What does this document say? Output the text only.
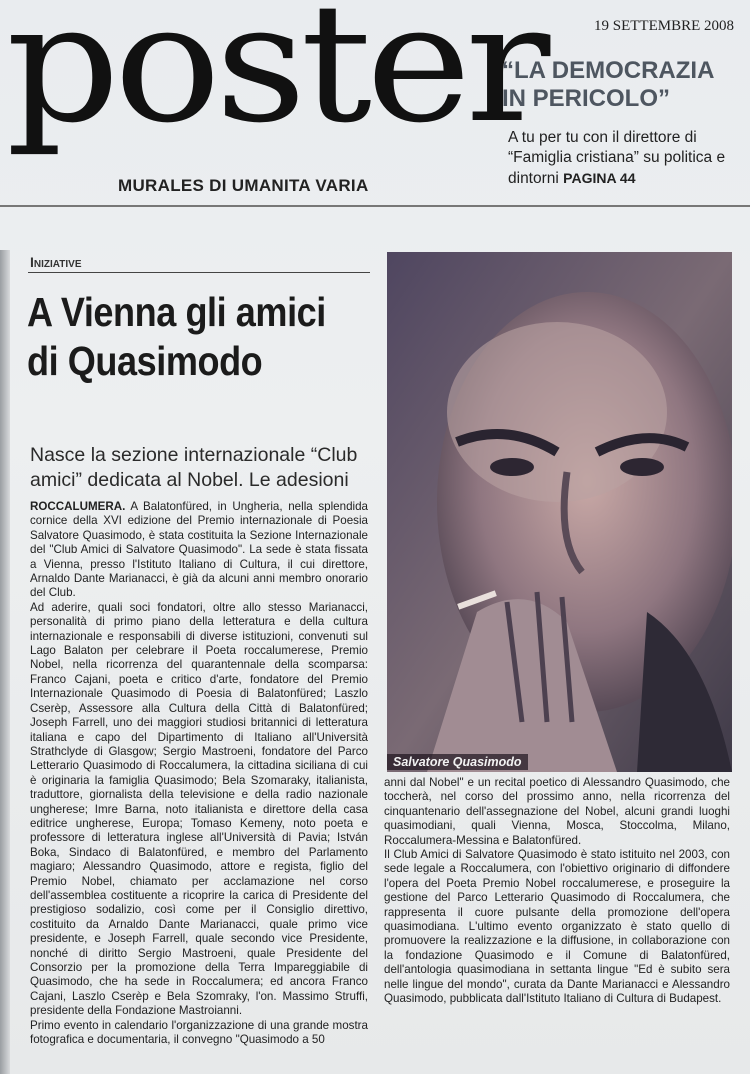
poster
MURALES DI UMANITA VARIA
19 SETTEMBRE 2008
“LA DEMOCRAZIA IN PERICOLO”
A tu per tu con il direttore di “Famiglia cristiana” su politica e dintorni PAGINA 44
Iniziative
A Vienna gli amici di Quasimodo
Nasce la sezione internazionale “Club amici” dedicata al Nobel. Le adesioni

ROCCALUMERA. A Balatonfüred, in Ungheria, nella splendida cornice della XVI edizione del Premio internazionale di Poesia Salvatore Quasimodo, è stata costituita la Sezione Internazionale del "Club Amici di Salvatore Quasimodo". La sede è stata fissata a Vienna, presso l'Istituto Italiano di Cultura, il cui direttore, Arnaldo Dante Marianacci, è già da alcuni anni membro onorario del Club.

Ad aderire, quali soci fondatori, oltre allo stesso Marianacci, personalità di primo piano della letteratura e della cultura internazionale e responsabili di diverse istituzioni, convenuti sul Lago Balaton per celebrare il Poeta roccalumerese, Premio Nobel, nella ricorrenza del quarantennale della scomparsa: Franco Cajani, poeta e critico d'arte, fondatore del Premio Internazionale Quasimodo di Poesia di Balatonfüred; Laszlo Cserèp, Assessore alla Cultura della Città di Balatonfüred; Joseph Farrell, uno dei maggiori studiosi britannici di letteratura italiana e capo del Dipartimento di Italiano all'Università Strathclyde di Glasgow; Sergio Mastroeni, fondatore del Parco Letterario Quasimodo di Roccalumera, la cittadina siciliana di cui è originaria la famiglia Quasimodo; Bela Szomaraky, italianista, traduttore, giornalista della televisione e della radio nazionale ungherese; Imre Barna, noto italianista e direttore della casa editrice ungherese, Europa; Tomaso Kemeny, noto poeta e professore di letteratura inglese all'Università di Pavia; István Boka, Sindaco di Balatonfüred, e membro del Parlamento magiaro; Alessandro Quasimodo, attore e regista, figlio del Premio Nobel, chiamato per acclamazione nel corso dell'assemblea costituente a ricoprire la carica di Presidente del prestigioso sodalizio, così come per il Consiglio direttivo, costituito da Arnaldo Dante Marianacci, quale primo vice presidente, e Joseph Farrell, quale secondo vice Presidente, nonché di diritto Sergio Mastroeni, quale Presidente del Consorzio per la promozione della Terra Impareggiabile di Quasimodo, che ha sede in Roccalumera; ed ancora Franco Cajani, Laszlo Cserèp e Bela Szomraky, l'on. Massimo Struffi, presidente della Fondazione Mastroianni.

Primo evento in calendario l'organizzazione di una grande mostra fotografica e documentaria, il convegno "Quasimodo a 50

Salvatore Quasimodo

anni dal Nobel" e un recital poetico di Alessandro Quasimodo, che toccherà, nel corso del prossimo anno, nella ricorrenza del cinquantenario dell'assegnazione del Nobel, alcuni grandi luoghi quasimodiani, quali Vienna, Mosca, Stoccolma, Milano, Roccalumera-Messina e Balatonfüred.

Il Club Amici di Salvatore Quasimodo è stato istituito nel 2003, con sede legale a Roccalumera, con l'obiettivo originario di diffondere l'opera del Poeta Premio Nobel roccalumerese, e proseguire la gestione del Parco Letterario Quasimodo di Roccalumera, che rappresenta il cuore pulsante della promozione dell'opera quasimodiana. L'ultimo evento organizzato è stato quello di promuovere la realizzazione e la diffusione, in collaborazione con la fondazione Quasimodo e il Comune di Balatonfüred, dell'antologia quasimodiana in settanta lingue "Ed è subito sera nelle lingue del mondo", curata da Dante Marianacci e Alessandro Quasimodo, pubblicata dall'Istituto Italiano di Cultura di Budapest.
